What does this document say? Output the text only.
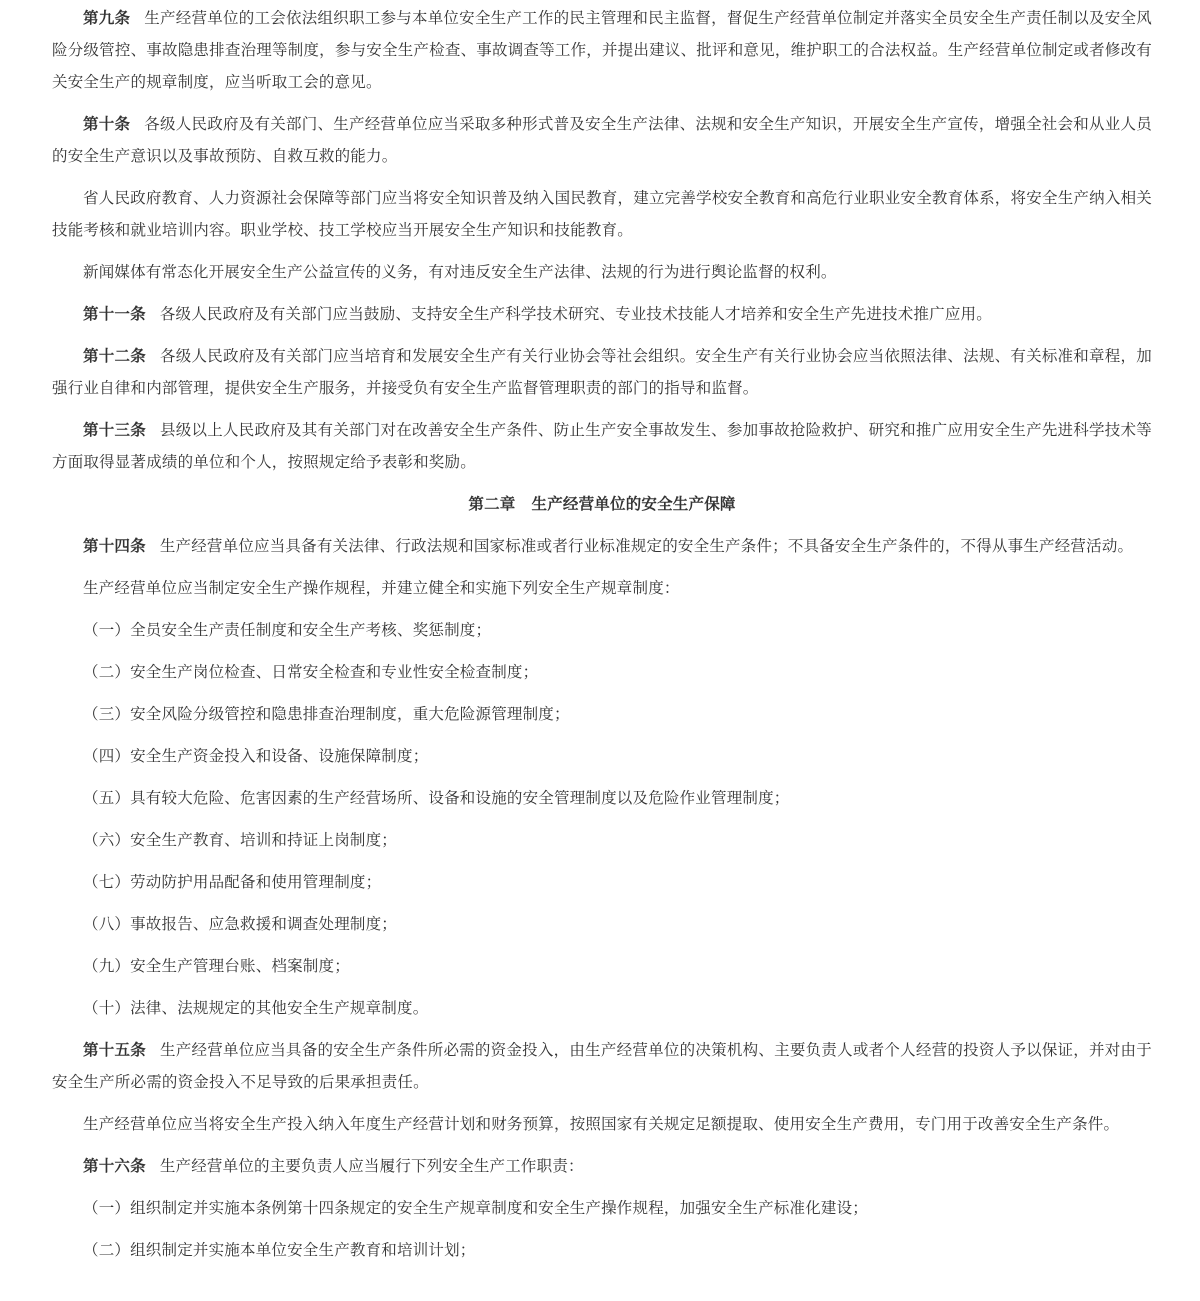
第九条 生产经营单位的工会依法组织职工参与本单位安全生产工作的民主管理和民主监督，督促生产经营单位制定并落实全员安全生产责任制以及安全风险分级管控、事故隐患排查治理等制度，参与安全生产检查、事故调查等工作，并提出建议、批评和意见，维护职工的合法权益。生产经营单位制定或者修改有关安全生产的规章制度，应当听取工会的意见。

第十条 各级人民政府及有关部门、生产经营单位应当采取多种形式普及安全生产法律、法规和安全生产知识，开展安全生产宣传，增强全社会和从业人员的安全生产意识以及事故预防、自救互救的能力。

省人民政府教育、人力资源社会保障等部门应当将安全知识普及纳入国民教育，建立完善学校安全教育和高危行业职业安全教育体系，将安全生产纳入相关技能考核和就业培训内容。职业学校、技工学校应当开展安全生产知识和技能教育。

新闻媒体有常态化开展安全生产公益宣传的义务，有对违反安全生产法律、法规的行为进行舆论监督的权利。

第十一条 各级人民政府及有关部门应当鼓励、支持安全生产科学技术研究、专业技术技能人才培养和安全生产先进技术推广应用。

第十二条 各级人民政府及有关部门应当培育和发展安全生产有关行业协会等社会组织。安全生产有关行业协会应当依照法律、法规、有关标准和章程，加强行业自律和内部管理，提供安全生产服务，并接受负有安全生产监督管理职责的部门的指导和监督。

第十三条 县级以上人民政府及其有关部门对在改善安全生产条件、防止生产安全事故发生、参加事故抢险救护、研究和推广应用安全生产先进科学技术等方面取得显著成绩的单位和个人，按照规定给予表彰和奖励。

第二章 生产经营单位的安全生产保障

第十四条 生产经营单位应当具备有关法律、行政法规和国家标准或者行业标准规定的安全生产条件；不具备安全生产条件的，不得从事生产经营活动。

生产经营单位应当制定安全生产操作规程，并建立健全和实施下列安全生产规章制度：

（一）全员安全生产责任制度和安全生产考核、奖惩制度；

（二）安全生产岗位检查、日常安全检查和专业性安全检查制度；

（三）安全风险分级管控和隐患排查治理制度，重大危险源管理制度；

（四）安全生产资金投入和设备、设施保障制度；

（五）具有较大危险、危害因素的生产经营场所、设备和设施的安全管理制度以及危险作业管理制度；

（六）安全生产教育、培训和持证上岗制度；

（七）劳动防护用品配备和使用管理制度；

（八）事故报告、应急救援和调查处理制度；

（九）安全生产管理台账、档案制度；

（十）法律、法规规定的其他安全生产规章制度。

第十五条 生产经营单位应当具备的安全生产条件所必需的资金投入，由生产经营单位的决策机构、主要负责人或者个人经营的投资人予以保证，并对由于安全生产所必需的资金投入不足导致的后果承担责任。

生产经营单位应当将安全生产投入纳入年度生产经营计划和财务预算，按照国家有关规定足额提取、使用安全生产费用，专门用于改善安全生产条件。

第十六条 生产经营单位的主要负责人应当履行下列安全生产工作职责：

（一）组织制定并实施本条例第十四条规定的安全生产规章制度和安全生产操作规程，加强安全生产标准化建设；

（二）组织制定并实施本单位安全生产教育和培训计划；
